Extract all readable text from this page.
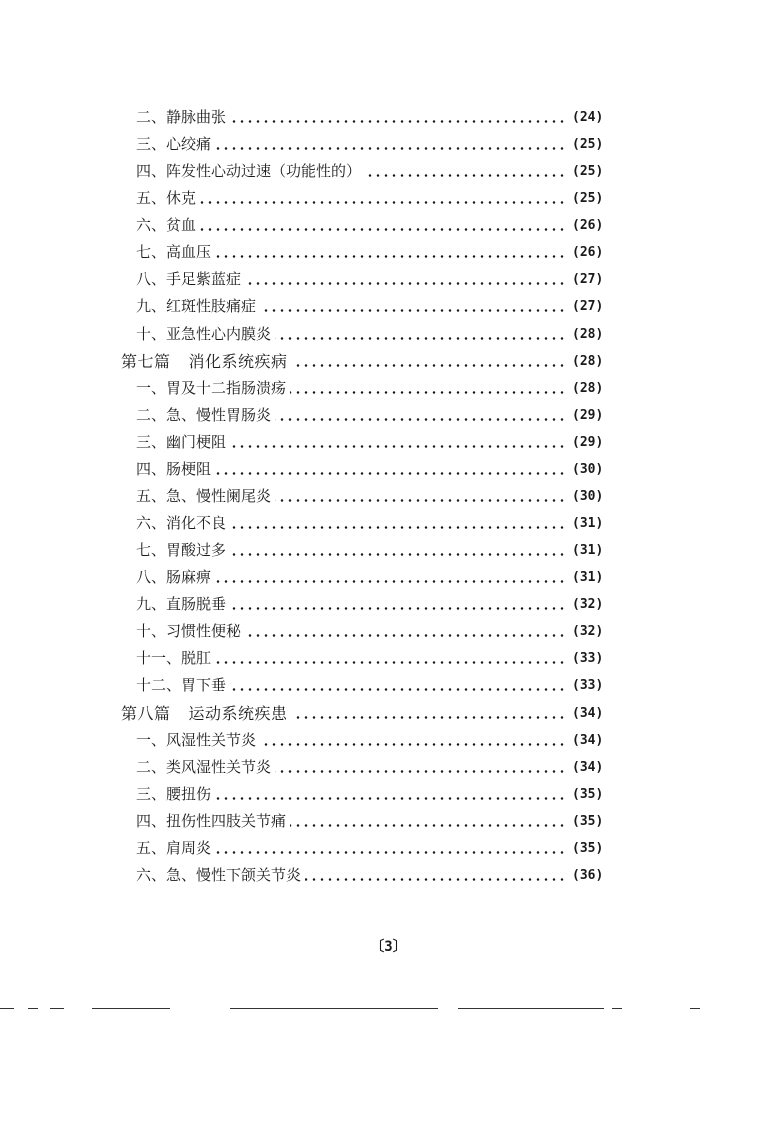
二、静脉曲张	(24)
三、心绞痛	(25)
四、阵发性心动过速（功能性的）	(25)
五、休克	(25)
六、贫血	(26)
七、高血压	(26)
八、手足紫蓝症	(27)
九、红斑性肢痛症	(27)
十、亚急性心内膜炎	(28)
第七篇 消化系统疾病	(28)
一、胃及十二指肠溃疡	(28)
二、急、慢性胃肠炎	(29)
三、幽门梗阻	(29)
四、肠梗阻	(30)
五、急、慢性阑尾炎	(30)
六、消化不良	(31)
七、胃酸过多	(31)
八、肠麻痹	(31)
九、直肠脱垂	(32)
十、习惯性便秘	(32)
十一、脱肛	(33)
十二、胃下垂	(33)
第八篇 运动系统疾患	(34)
一、风湿性关节炎	(34)
二、类风湿性关节炎	(34)
三、腰扭伤	(35)
四、扭伤性四肢关节痛	(35)
五、肩周炎	(35)
六、急、慢性下颌关节炎	(36)
〔3〕
